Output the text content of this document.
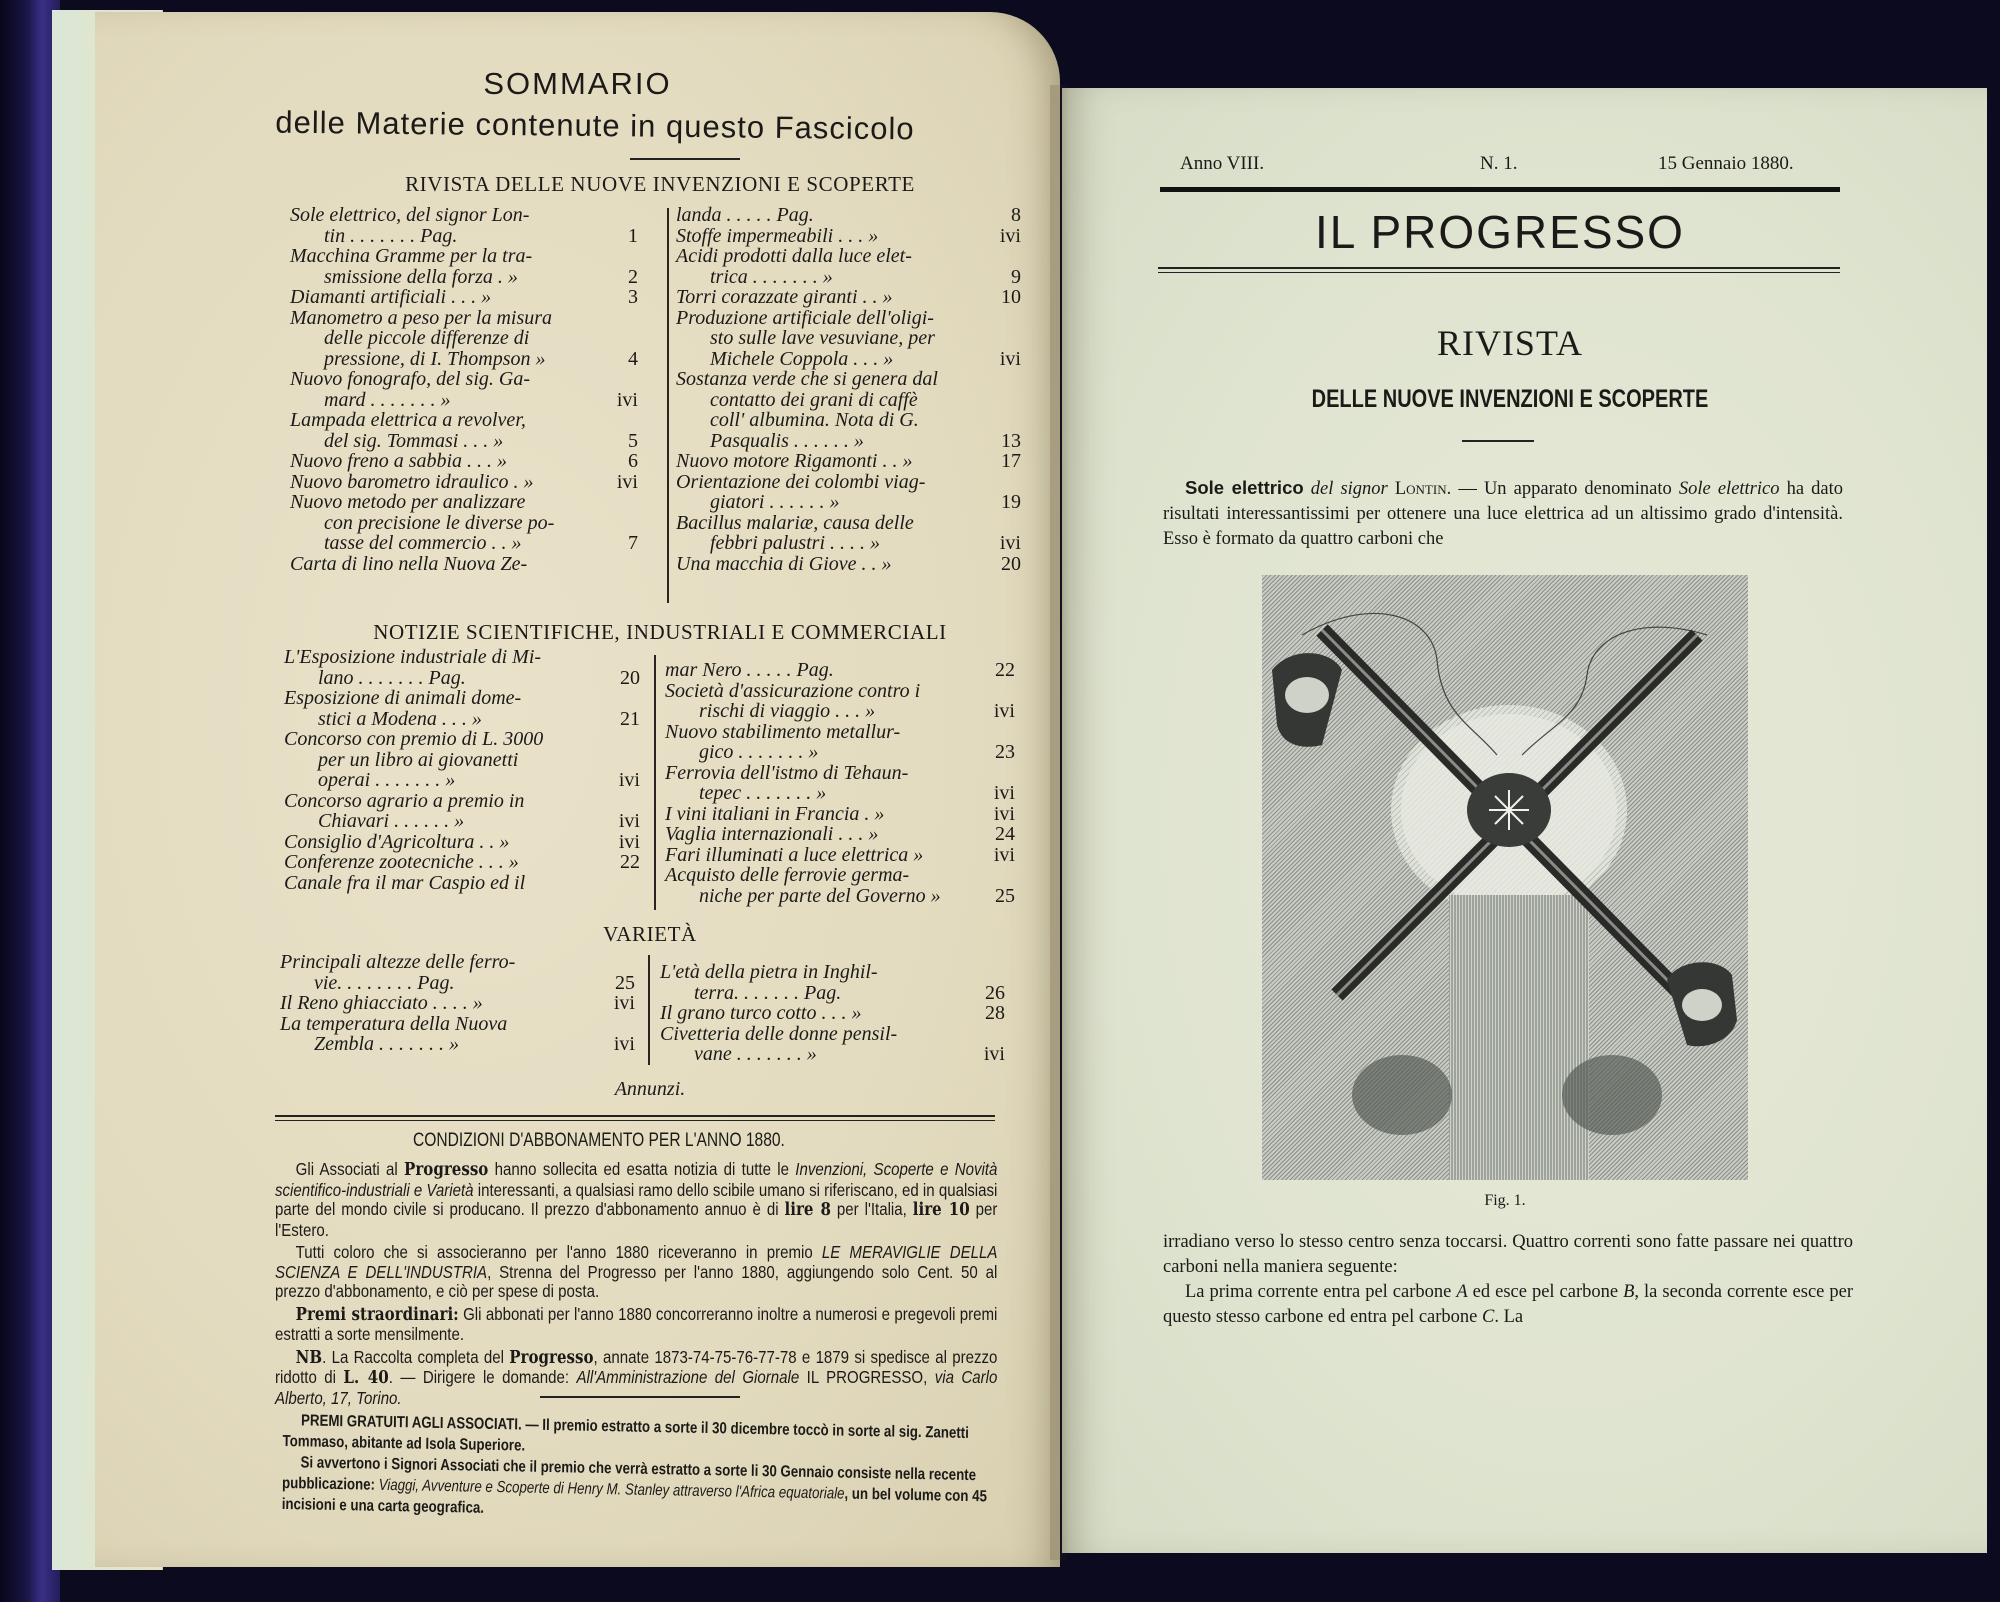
SOMMARIO
delle Materie contenute in questo Fascicolo
RIVISTA DELLE NUOVE INVENZIONI E SCOPERTE
Sole elettrico, del signor Lon-
tin . . . . . . . Pag.	1
Macchina Gramme per la tra-
smissione della forza . »	2
Diamanti artificiali . . . »	3
Manometro a peso per la misura
delle piccole differenze di
pressione, di I. Thompson »	4
Nuovo fonografo, del sig. Ga-
mard . . . . . . . »	ivi
Lampada elettrica a revolver,
del sig. Tommasi . . . »	5
Nuovo freno a sabbia . . . »	6
Nuovo barometro idraulico . »	ivi
Nuovo metodo per analizzare
con precisione le diverse po-
tasse del commercio . . »	7
Carta di lino nella Nuova Ze-
landa . . . . . Pag.	8
Stoffe impermeabili . . . »	ivi
Acidi prodotti dalla luce elet-
trica . . . . . . . »	9
Torri corazzate giranti . . »	10
Produzione artificiale dell'oligi-
sto sulle lave vesuviane, per
Michele Coppola . . . »	ivi
Sostanza verde che si genera dal
contatto dei grani di caffè
coll' albumina. Nota di G.
Pasqualis . . . . . . »	13
Nuovo motore Rigamonti . . »	17
Orientazione dei colombi viag-
giatori . . . . . . »	19
Bacillus malariæ, causa delle
febbri palustri . . . . »	ivi
Una macchia di Giove . . »	20
NOTIZIE SCIENTIFICHE, INDUSTRIALI E COMMERCIALI
L'Esposizione industriale di Mi-
lano . . . . . . . Pag.	20
Esposizione di animali dome-
stici a Modena . . . »	21
Concorso con premio di L. 3000
per un libro ai giovanetti
operai . . . . . . . »	ivi
Concorso agrario a premio in
Chiavari . . . . . . »	ivi
Consiglio d'Agricoltura . . »	ivi
Conferenze zootecniche . . . »	22
Canale fra il mar Caspio ed il
mar Nero . . . . . Pag.	22
Società d'assicurazione contro i
rischi di viaggio . . . »	ivi
Nuovo stabilimento metallur-
gico . . . . . . . »	23
Ferrovia dell'istmo di Tehaun-
tepec . . . . . . . »	ivi
I vini italiani in Francia . »	ivi
Vaglia internazionali . . . »	24
Fari illuminati a luce elettrica »	ivi
Acquisto delle ferrovie germa-
niche per parte del Governo »	25
VARIETÀ
Principali altezze delle ferro-
vie. . . . . . . . Pag.	25
Il Reno ghiacciato . . . . »	ivi
La temperatura della Nuova
Zembla . . . . . . . »	ivi
L'età della pietra in Inghil-
terra. . . . . . . Pag.	26
Il grano turco cotto . . . »	28
Civetteria delle donne pensil-
vane . . . . . . . »	ivi
Annunzi.
CONDIZIONI D'ABBONAMENTO PER L'ANNO 1880.
Gli Associati al Progresso hanno sollecita ed esatta notizia di tutte le Invenzioni, Scoperte e Novità scientifico-industriali e Varietà interessanti, a qualsiasi ramo dello scibile umano si riferiscano, ed in qualsiasi parte del mondo civile si producano. Il prezzo d'abbonamento annuo è di lire 8 per l'Italia, lire 10 per l'Estero.
Tutti coloro che si associeranno per l'anno 1880 riceveranno in premio LE MERAVIGLIE DELLA SCIENZA E DELL'INDUSTRIA, Strenna del Progresso per l'anno 1880, aggiungendo solo Cent. 50 al prezzo d'abbonamento, e ciò per spese di posta.
Premi straordinari: Gli abbonati per l'anno 1880 concorreranno inoltre a numerosi e pregevoli premi estratti a sorte mensilmente.
NB. La Raccolta completa del Progresso, annate 1873-74-75-76-77-78 e 1879 si spedisce al prezzo ridotto di L. 40. — Dirigere le domande: All'Amministrazione del Giornale IL PROGRESSO, via Carlo Alberto, 17, Torino.
PREMI GRATUITI AGLI ASSOCIATI. — Il premio estratto a sorte il 30 dicembre toccò in sorte al sig. Zanetti Tommaso, abitante ad Isola Superiore.
Si avvertono i Signori Associati che il premio che verrà estratto a sorte li 30 Gennaio consiste nella recente pubblicazione: Viaggi, Avventure e Scoperte di Henry M. Stanley attraverso l'Africa equatoriale, un bel volume con 45 incisioni e una carta geografica.
Anno VIII.	N. 1.	15 Gennaio 1880.
IL PROGRESSO
RIVISTA
DELLE NUOVE INVENZIONI E SCOPERTE
Sole elettrico del signor Lontin. — Un apparato denominato Sole elettrico ha dato risultati interessantissimi per ottenere una luce elettrica ad un altissimo grado d'intensità. Esso è formato da quattro carboni che
Fig. 1.
irradiano verso lo stesso centro senza toccarsi. Quattro correnti sono fatte passare nei quattro carboni nella maniera seguente:
La prima corrente entra pel carbone A ed esce pel carbone B, la seconda corrente esce per questo stesso carbone ed entra pel carbone C. La
